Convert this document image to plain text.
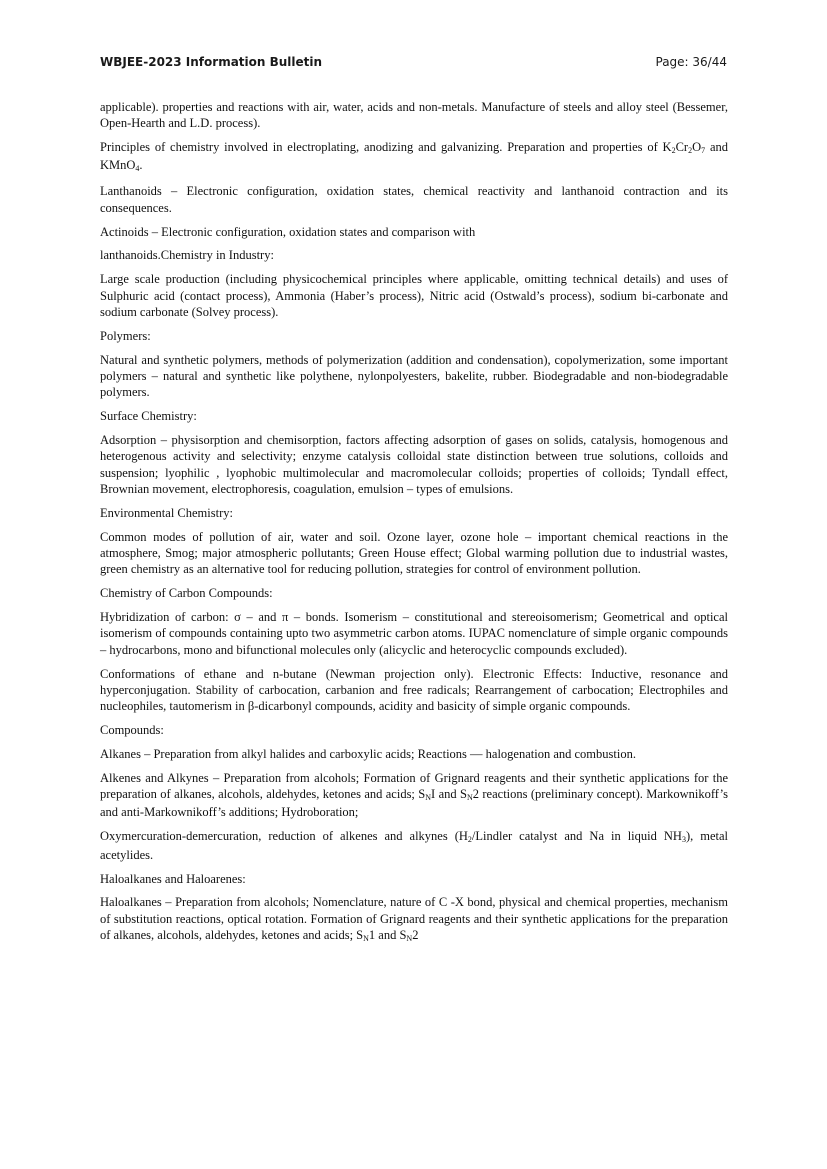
WBJEE-2023 Information Bulletin	Page: 36/44

applicable). properties and reactions with air, water, acids and non-metals. Manufacture of steels and alloy steel (Bessemer, Open-Hearth and L.D. process).

Principles of chemistry involved in electroplating, anodizing and galvanizing. Preparation and properties of $K_2Cr_2O_7$ and KMnO$_4$.

Lanthanoids – Electronic configuration, oxidation states, chemical reactivity and lanthanoid contraction and its consequences.

Actinoids – Electronic configuration, oxidation states and comparison with

lanthanoids.Chemistry in Industry:

Large scale production (including physicochemical principles where applicable, omitting technical details) and uses of Sulphuric acid (contact process), Ammonia (Haber’s process), Nitric acid (Ostwald’s process), sodium bi-carbonate and sodium carbonate (Solvey process).

Polymers:

Natural and synthetic polymers, methods of polymerization (addition and condensation), copolymerization, some important polymers – natural and synthetic like polythene, nylonpolyesters, bakelite, rubber. Biodegradable and non-biodegradable polymers.

Surface Chemistry:

Adsorption – physisorption and chemisorption, factors affecting adsorption of gases on solids, catalysis, homogenous and heterogenous activity and selectivity; enzyme catalysis colloidal state distinction between true solutions, colloids and suspension; lyophilic , lyophobic multimolecular and macromolecular colloids; properties of colloids; Tyndall effect, Brownian movement, electrophoresis, coagulation, emulsion – types of emulsions.

Environmental Chemistry:

Common modes of pollution of air, water and soil. Ozone layer, ozone hole – important chemical reactions in the atmosphere, Smog; major atmospheric pollutants; Green House effect; Global warming pollution due to industrial wastes, green chemistry as an alternative tool for reducing pollution, strategies for control of environment pollution.

Chemistry of Carbon Compounds:

Hybridization of carbon: σ – and π – bonds. Isomerism – constitutional and stereoisomerism; Geometrical and optical isomerism of compounds containing upto two asymmetric carbon atoms. IUPAC nomenclature of simple organic compounds – hydrocarbons, mono and bifunctional molecules only (alicyclic and heterocyclic compounds excluded).

Conformations of ethane and n-butane (Newman projection only). Electronic Effects: Inductive, resonance and hyperconjugation. Stability of carbocation, carbanion and free radicals; Rearrangement of carbocation; Electrophiles and nucleophiles, tautomerism in β-dicarbonyl compounds, acidity and basicity of simple organic compounds.

Compounds:

Alkanes – Preparation from alkyl halides and carboxylic acids; Reactions — halogenation and combustion.

Alkenes and Alkynes – Preparation from alcohols; Formation of Grignard reagents and their synthetic applications for the preparation of alkanes, alcohols, aldehydes, ketones and acids; $S_NI$ and $S_N2$ reactions (preliminary concept). Markownikoff’s and anti-Markownikoff’s additions; Hydroboration;

Oxymercuration-demercuration, reduction of alkenes and alkynes ($H_2$/Lindler catalyst and Na in liquid $NH_3$), metal acetylides.

Haloalkanes and Haloarenes:

Haloalkanes – Preparation from alcohols; Nomenclature, nature of C -X bond, physical and chemical properties, mechanism of substitution reactions, optical rotation. Formation of Grignard reagents and their synthetic applications for the preparation of alkanes, alcohols, aldehydes, ketones and acids; $S_N1$ and $S_N2$
